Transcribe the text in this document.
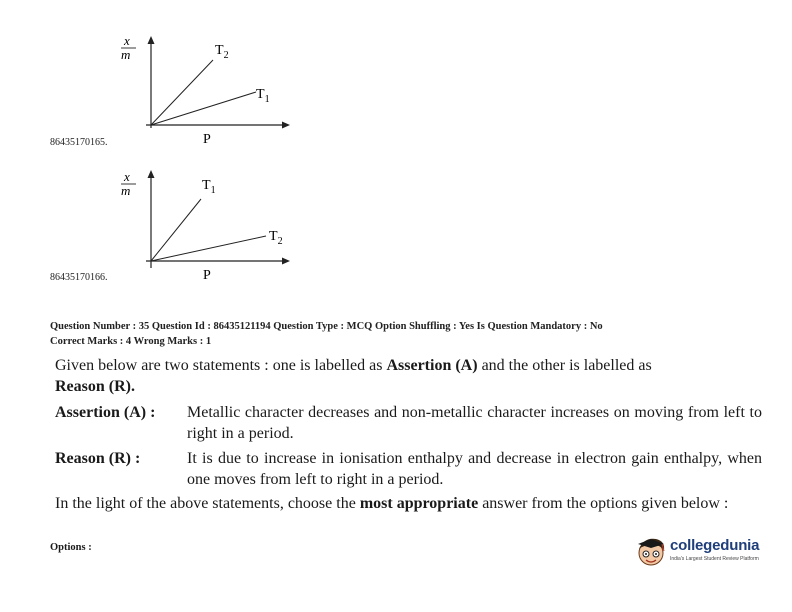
x
m	$T_2$
$T_1$
P
86435170165.
x
m	$T_1$
$T_2$
P
86435170166.
Question Number : 35 Question Id : 86435121194 Question Type : MCQ Option Shuffling : Yes Is Question Mandatory : No
Correct Marks : 4 Wrong Marks : 1
Given below are two statements : one is labelled as Assertion (A) and the other is labelled as
Reason (R).
Assertion (A) : Metallic character decreases and non-metallic character increases on moving from left to right in a period.
Reason (R) :	It is due to increase in ionisation enthalpy and decrease in electron gain enthalpy, when one moves from left to right in a period.
In the light of the above statements, choose the most appropriate answer from the options given below :
Options :	collegedunia
India's Largest Student Review Platform
